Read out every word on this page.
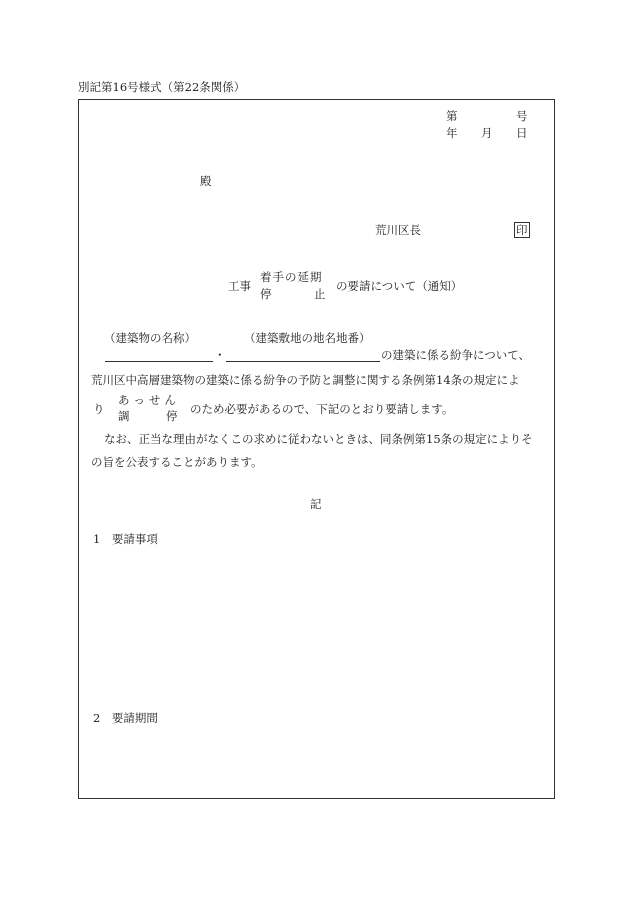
別記第16号様式（第22条関係）
第	号
年 月 日
殿
荒川区長	印
工事
着手の延期
停	止
の要請について（通知）
（建築物の名称）	（建築敷地の地名地番）
・	の建築に係る紛争について、
荒川区中高層建築物の建築に係る紛争の予防と調整に関する条例第14条の規定によ
り
あっせん
調	停 のため必要があるので、下記のとおり要請します。
なお、正当な理由がなくこの求めに従わないときは、同条例第15条の規定によりそ
の旨を公表することがあります。
記
1　要請事項
2　要請期間
